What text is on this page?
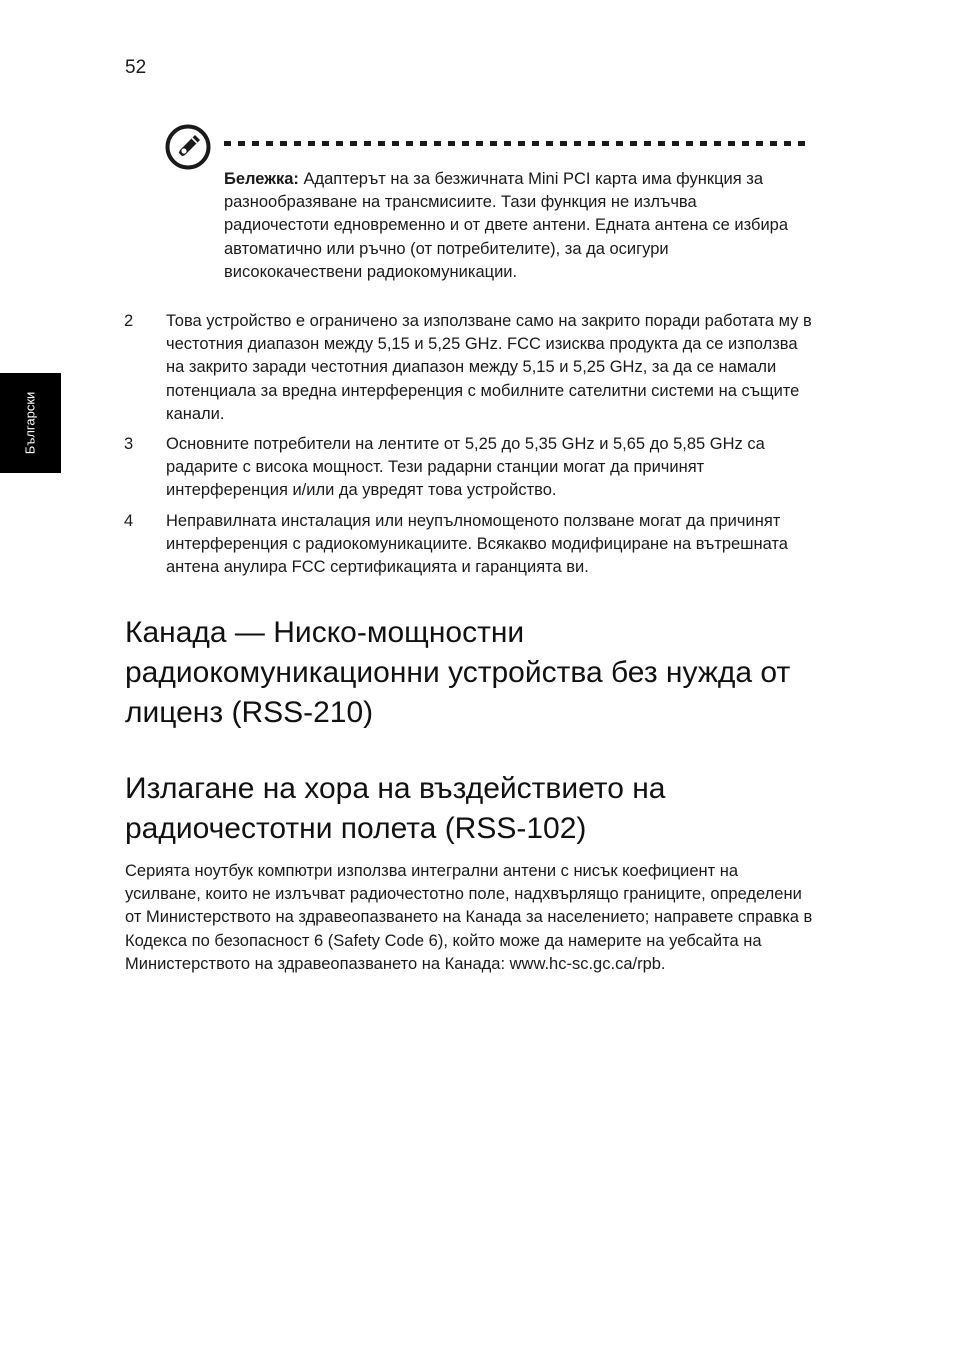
52
Български

Бележка: Адаптерът на за безжичната Mini PCI карта има функция за разнообразяване на трансмисиите. Тази функция не излъчва радиочестоти едновременно и от двете антени. Едната антена се избира автоматично или ръчно (от потребителите), за да осигури висококачествени радиокомуникации.

2 Това устройство е ограничено за използване само на закрито поради работата му в честотния диапазон между 5,15 и 5,25 GHz. FCC изисква продукта да се използва на закрито заради честотния диапазон между 5,15 и 5,25 GHz, за да се намали потенциала за вредна интерференция с мобилните сателитни системи на същите канали.

3 Основните потребители на лентите от 5,25 до 5,35 GHz и 5,65 до 5,85 GHz са радарите с висока мощност. Тези радарни станции могат да причинят интерференция и/или да увредят това устройство.

4 Неправилната инсталация или неупълномощеното ползване могат да причинят интерференция с радиокомуникациите. Всякакво модифициране на вътрешната антена анулира FCC сертификацията и гаранцията ви.

Канада — Ниско-мощностни радиокомуникационни устройства без нужда от лиценз (RSS-210)
Излагане на хора на въздействието на радиочестотни полета (RSS-102)

Серията ноутбук компютри използва интегрални антени с нисък коефициент на усилване, които не излъчват радиочестотно поле, надхвърлящо границите, определени от Министерството на здравеопазването на Канада за населението; направете справка в Кодекса по безопасност 6 (Safety Code 6), който може да намерите на уебсайта на Министерството на здравеопазването на Канада: www.hc-sc.gc.ca/rpb.
